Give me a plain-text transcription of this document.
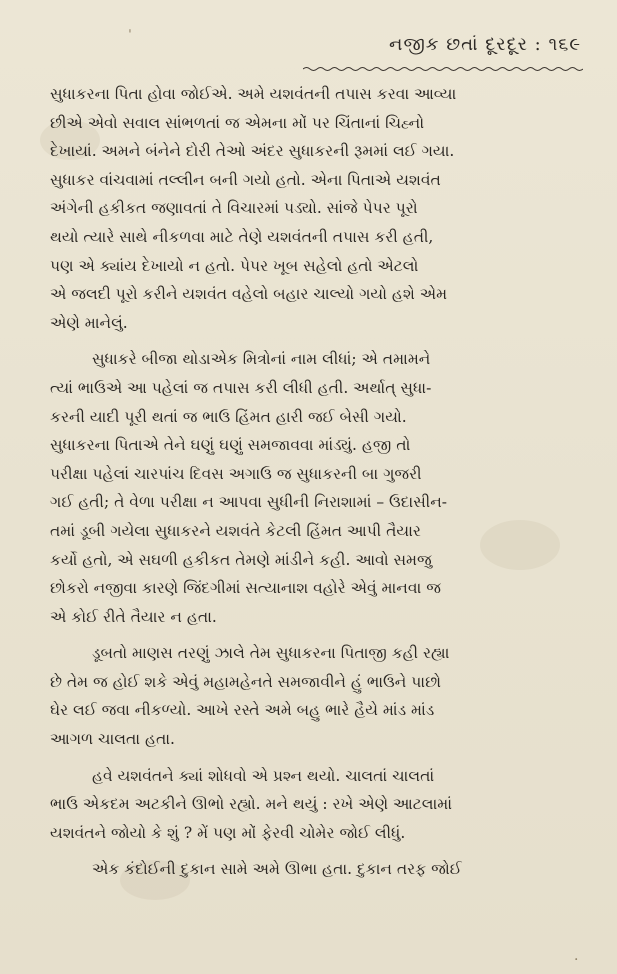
ˈ
·
નજીક છતાં દૂરદૂર : ૧૬૯
સુધાકરના પિતા હોવા જોઈએ. અમે યશવંતની તપાસ કરવા આવ્યા
છીએ એવો સવાલ સાંભળતાં જ એમના મોં પર ચિંતાનાં ચિહ્નો
દેખાયાં. અમને બંનેને દોરી તેઓ અંદર સુધાકરની રૂમમાં લઈ ગયા.
સુધાકર વાંચવામાં તલ્લીન બની ગયો હતો. એના પિતાએ યશવંત
અંગેની હકીકત જણાવતાં તે વિચારમાં પડ્યો. સાંજે પેપર પૂરો
થયો ત્યારે સાથે નીકળવા માટે તેણે યશવંતની તપાસ કરી હતી,
પણ એ ક્યાંય દેખાયો ન હતો. પેપર ખૂબ સહેલો હતો એટલો
એ જલદી પૂરો કરીને યશવંત વહેલો બહાર ચાલ્યો ગયો હશે એમ
એણે માનેલું.
સુધાકરે બીજા થોડાએક મિત્રોનાં નામ લીધાં; એ તમામને
ત્યાં ભાઉએ આ પહેલાં જ તપાસ કરી લીધી હતી. અર્થાત્ સુધા-
કરની યાદી પૂરી થતાં જ ભાઉ હિંમત હારી જઈ બેસી ગયો.
સુધાકરના પિતાએ તેને ઘણું ઘણું સમજાવવા માંડ્યું. હજી તો
પરીક્ષા પહેલાં ચારપાંચ દિવસ અગાઉ જ સુધાકરની બા ગુજરી
ગઈ હતી; તે વેળા પરીક્ષા ન આપવા સુધીની નિરાશામાં – ઉદાસીન-
તમાં ડૂબી ગયેલા સુધાકરને યશવંતે કેટલી હિંમત આપી તૈયાર
કર્યો હતો, એ સઘળી હકીકત તેમણે માંડીને કહી. આવો સમજુ
છોકરો નજીવા કારણે જિંદગીમાં સત્યાનાશ વહોરે એવું માનવા જ
એ કોઈ રીતે તૈયાર ન હતા.
ડૂબતો માણસ તરણું ઝાલે તેમ સુધાકરના પિતાજી કહી રહ્યા
છે તેમ જ હોઈ શકે એવું મહામહેનતે સમજાવીને હું ભાઉને પાછો
ઘેર લઈ જવા નીકળ્યો. આખે રસ્તે અમે બહુ ભારે હૈયે માંડ માંડ
આગળ ચાલતા હતા.
હવે યશવંતને ક્યાં શોધવો એ પ્રશ્ન થયો. ચાલતાં ચાલતાં
ભાઉ એકદમ અટકીને ઊભો રહ્યો. મને થયું : રખે એણે આટલામાં
યશવંતને જોયો કે શું ? મેં પણ મોં ફેરવી ચોમેર જોઈ લીધું.
એક કંદોઈની દુકાન સામે અમે ઊભા હતા. દુકાન તરફ જોઈ
